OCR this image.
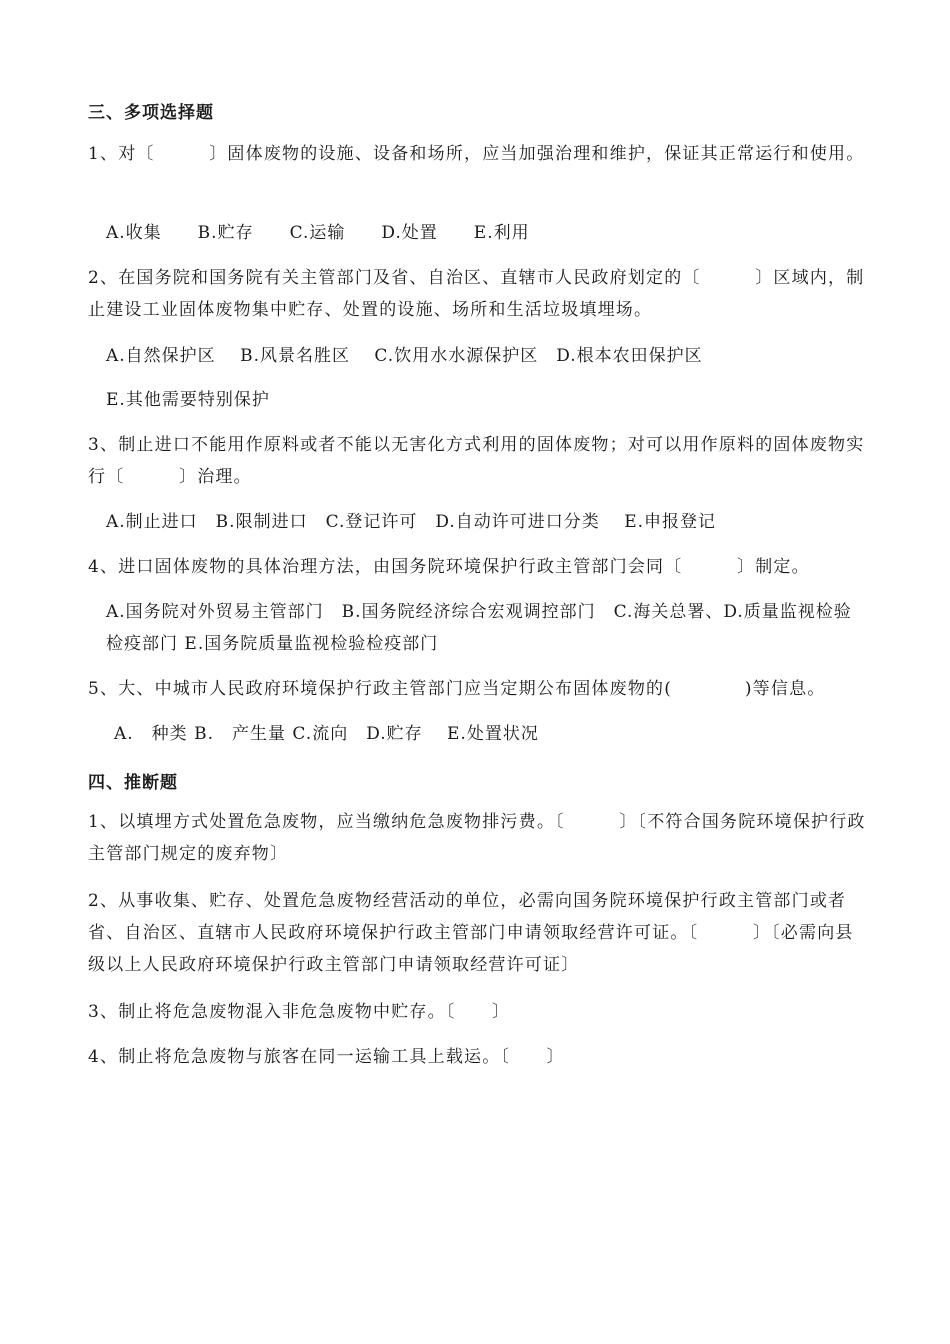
三、多项选择题
1、对〔　　　〕固体废物的设施、设备和场所，应当加强治理和维护，保证其正常运行和使用。
A.收集　　B.贮存　　C.运输　　D.处置　　E.利用
2、在国务院和国务院有关主管部门及省、自治区、直辖市人民政府划定的〔　　　〕区域内，制止建设工业固体废物集中贮存、处置的设施、场所和生活垃圾填埋场。
A.自然保护区　 B.风景名胜区　 C.饮用水水源保护区　D.根本农田保护区
E.其他需要特别保护
3、制止进口不能用作原料或者不能以无害化方式利用的固体废物；对可以用作原料的固体废物实行〔　　　〕治理。
A.制止进口　B.限制进口　C.登记许可　D.自动许可进口分类　 E.申报登记
4、进口固体废物的具体治理方法，由国务院环境保护行政主管部门会同〔　　　〕制定。
A.国务院对外贸易主管部门　B.国务院经济综合宏观调控部门　C.海关总署、D.质量监视检验检疫部门 E.国务院质量监视检验检疫部门
5、大、中城市人民政府环境保护行政主管部门应当定期公布固体废物的(　　　　)等信息。
A.　种类 B.　产生量 C.流向　D.贮存　 E.处置状况
四、推断题
1、以填埋方式处置危急废物，应当缴纳危急废物排污费。〔　　　〕〔不符合国务院环境保护行政主管部门规定的废弃物〕
2、从事收集、贮存、处置危急废物经营活动的单位，必需向国务院环境保护行政主管部门或者省、自治区、直辖市人民政府环境保护行政主管部门申请领取经营许可证。〔　　　〕〔必需向县级以上人民政府环境保护行政主管部门申请领取经营许可证〕
3、制止将危急废物混入非危急废物中贮存。〔　　〕
4、制止将危急废物与旅客在同一运输工具上载运。〔　　〕
